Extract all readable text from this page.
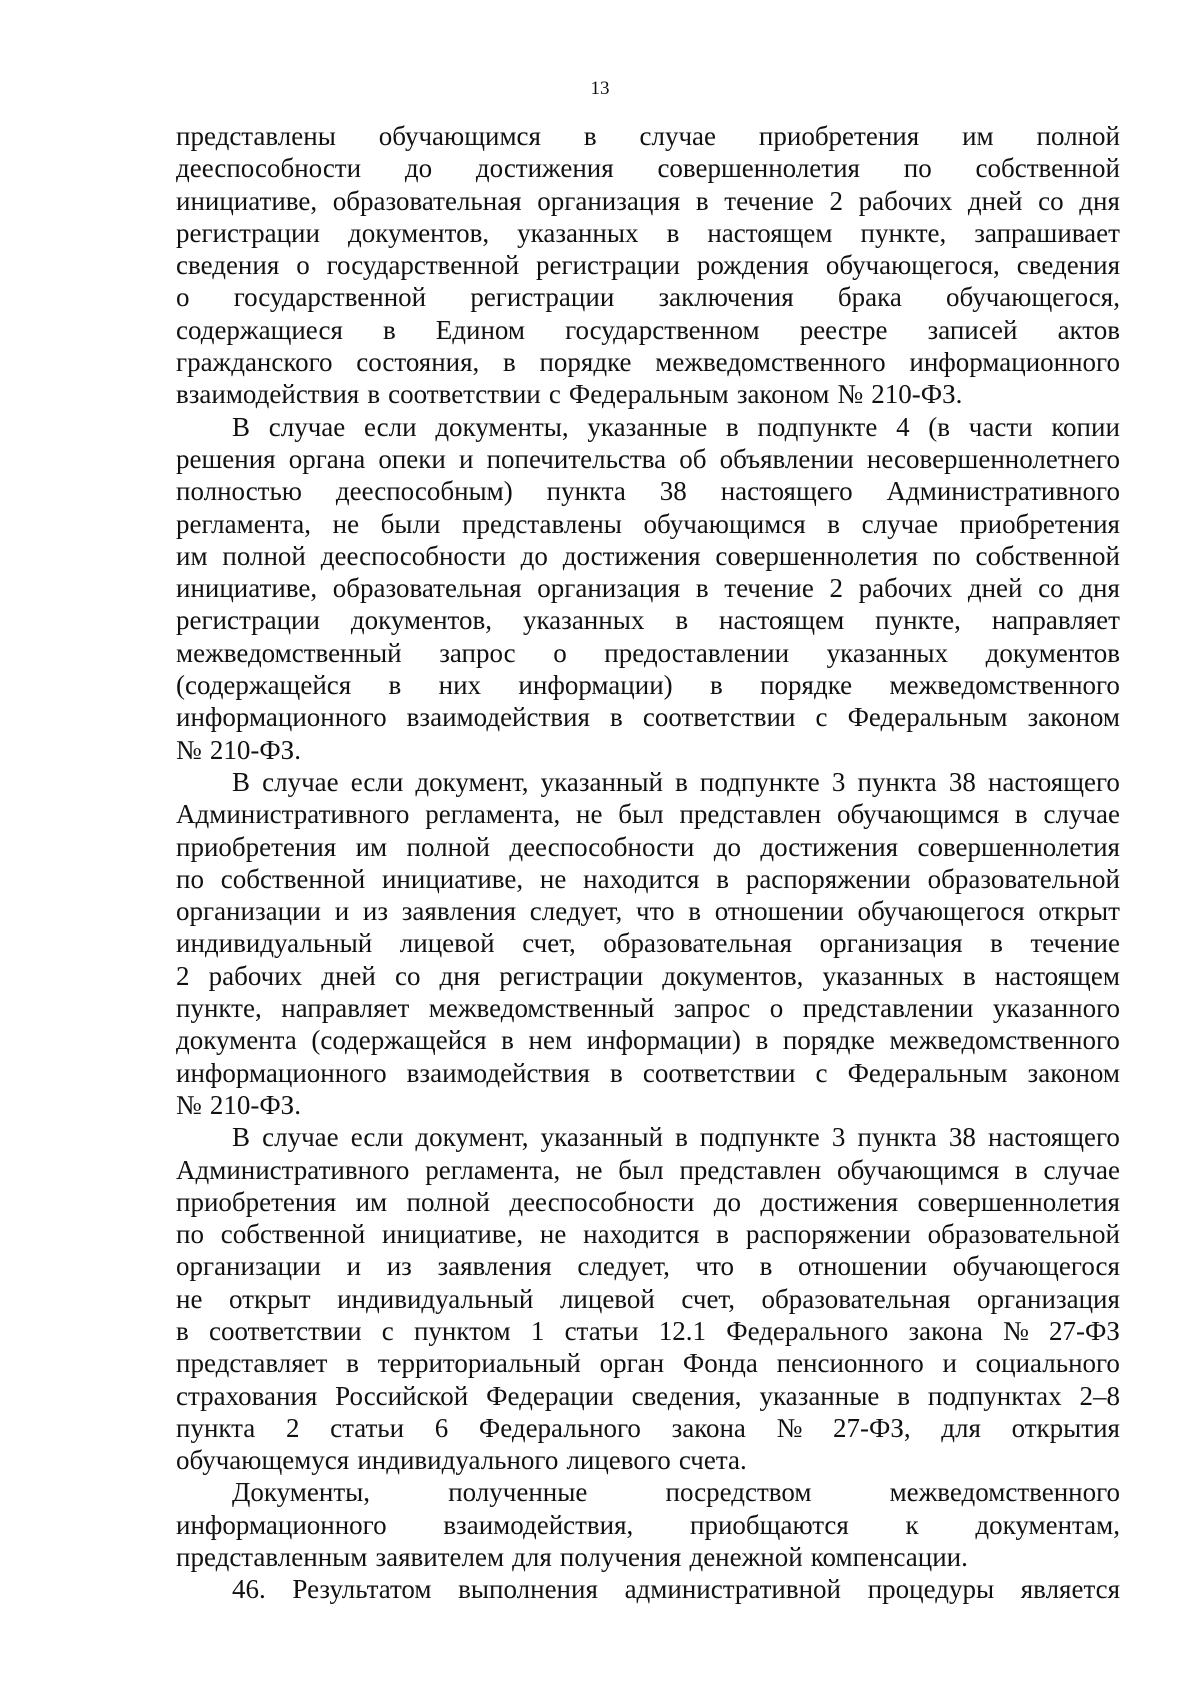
13
представлены обучающимся в случае приобретения им полной
дееспособности до достижения совершеннолетия по собственной
инициативе, образовательная организация в течение 2 рабочих дней со дня
регистрации документов, указанных в настоящем пункте, запрашивает
сведения о государственной регистрации рождения обучающегося, сведения
о государственной регистрации заключения брака обучающегося,
содержащиеся в Едином государственном реестре записей актов
гражданского состояния, в порядке межведомственного информационного
взаимодействия в соответствии с Федеральным законом № 210-ФЗ.
В случае если документы, указанные в подпункте 4 (в части копии
решения органа опеки и попечительства об объявлении несовершеннолетнего
полностью дееспособным) пункта 38 настоящего Административного
регламента, не были представлены обучающимся в случае приобретения
им полной дееспособности до достижения совершеннолетия по собственной
инициативе, образовательная организация в течение 2 рабочих дней со дня
регистрации документов, указанных в настоящем пункте, направляет
межведомственный запрос о предоставлении указанных документов
(содержащейся в них информации) в порядке межведомственного
информационного взаимодействия в соответствии с Федеральным законом
№ 210-ФЗ.
В случае если документ, указанный в подпункте 3 пункта 38 настоящего
Административного регламента, не был представлен обучающимся в случае
приобретения им полной дееспособности до достижения совершеннолетия
по собственной инициативе, не находится в распоряжении образовательной
организации и из заявления следует, что в отношении обучающегося открыт
индивидуальный лицевой счет, образовательная организация в течение
2 рабочих дней со дня регистрации документов, указанных в настоящем
пункте, направляет межведомственный запрос о представлении указанного
документа (содержащейся в нем информации) в порядке межведомственного
информационного взаимодействия в соответствии с Федеральным законом
№ 210-ФЗ.
В случае если документ, указанный в подпункте 3 пункта 38 настоящего
Административного регламента, не был представлен обучающимся в случае
приобретения им полной дееспособности до достижения совершеннолетия
по собственной инициативе, не находится в распоряжении образовательной
организации и из заявления следует, что в отношении обучающегося
не открыт индивидуальный лицевой счет, образовательная организация
в соответствии с пунктом 1 статьи 12.1 Федерального закона № 27-ФЗ
представляет в территориальный орган Фонда пенсионного и социального
страхования Российской Федерации сведения, указанные в подпунктах 2–8
пункта 2 статьи 6 Федерального закона № 27-ФЗ, для открытия
обучающемуся индивидуального лицевого счета.
Документы,	полученные	посредством	межведомственного
информационного взаимодействия, приобщаются к документам,
представленным заявителем для получения денежной компенсации.
46. Результатом выполнения административной процедуры является
